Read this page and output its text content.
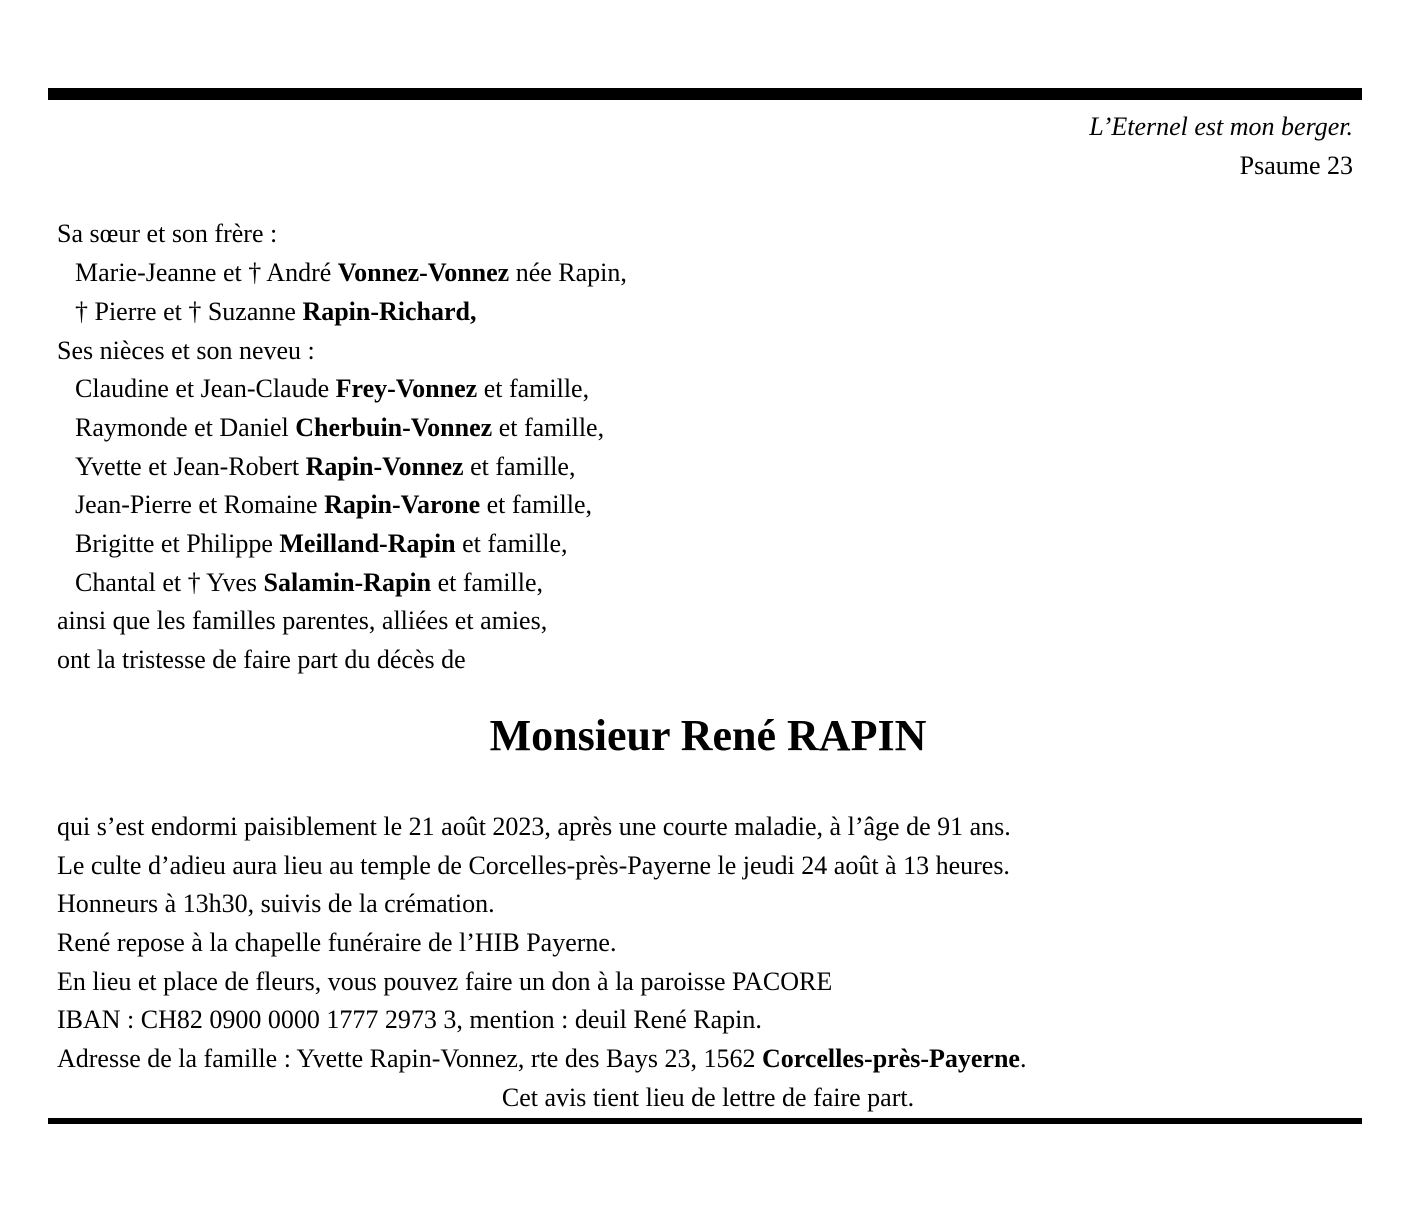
L’Eternel est mon berger.
Psaume 23
Sa sœur et son frère :
Marie-Jeanne et † André Vonnez-Vonnez née Rapin,
† Pierre et † Suzanne Rapin-Richard,
Ses nièces et son neveu :
Claudine et Jean-Claude Frey-Vonnez et famille,
Raymonde et Daniel Cherbuin-Vonnez et famille,
Yvette et Jean-Robert Rapin-Vonnez et famille,
Jean-Pierre et Romaine Rapin-Varone et famille,
Brigitte et Philippe Meilland-Rapin et famille,
Chantal et † Yves Salamin-Rapin et famille,
ainsi que les familles parentes, alliées et amies,
ont la tristesse de faire part du décès de
Monsieur René RAPIN
qui s’est endormi paisiblement le 21 août 2023, après une courte maladie, à l’âge de 91 ans.
Le culte d’adieu aura lieu au temple de Corcelles-près-Payerne le jeudi 24 août à 13 heures.
Honneurs à 13h30, suivis de la crémation.
René repose à la chapelle funéraire de l’HIB Payerne.
En lieu et place de fleurs, vous pouvez faire un don à la paroisse PACORE
IBAN : CH82 0900 0000 1777 2973 3, mention : deuil René Rapin.
Adresse de la famille : Yvette Rapin-Vonnez, rte des Bays 23, 1562 Corcelles-près-Payerne.
Cet avis tient lieu de lettre de faire part.
